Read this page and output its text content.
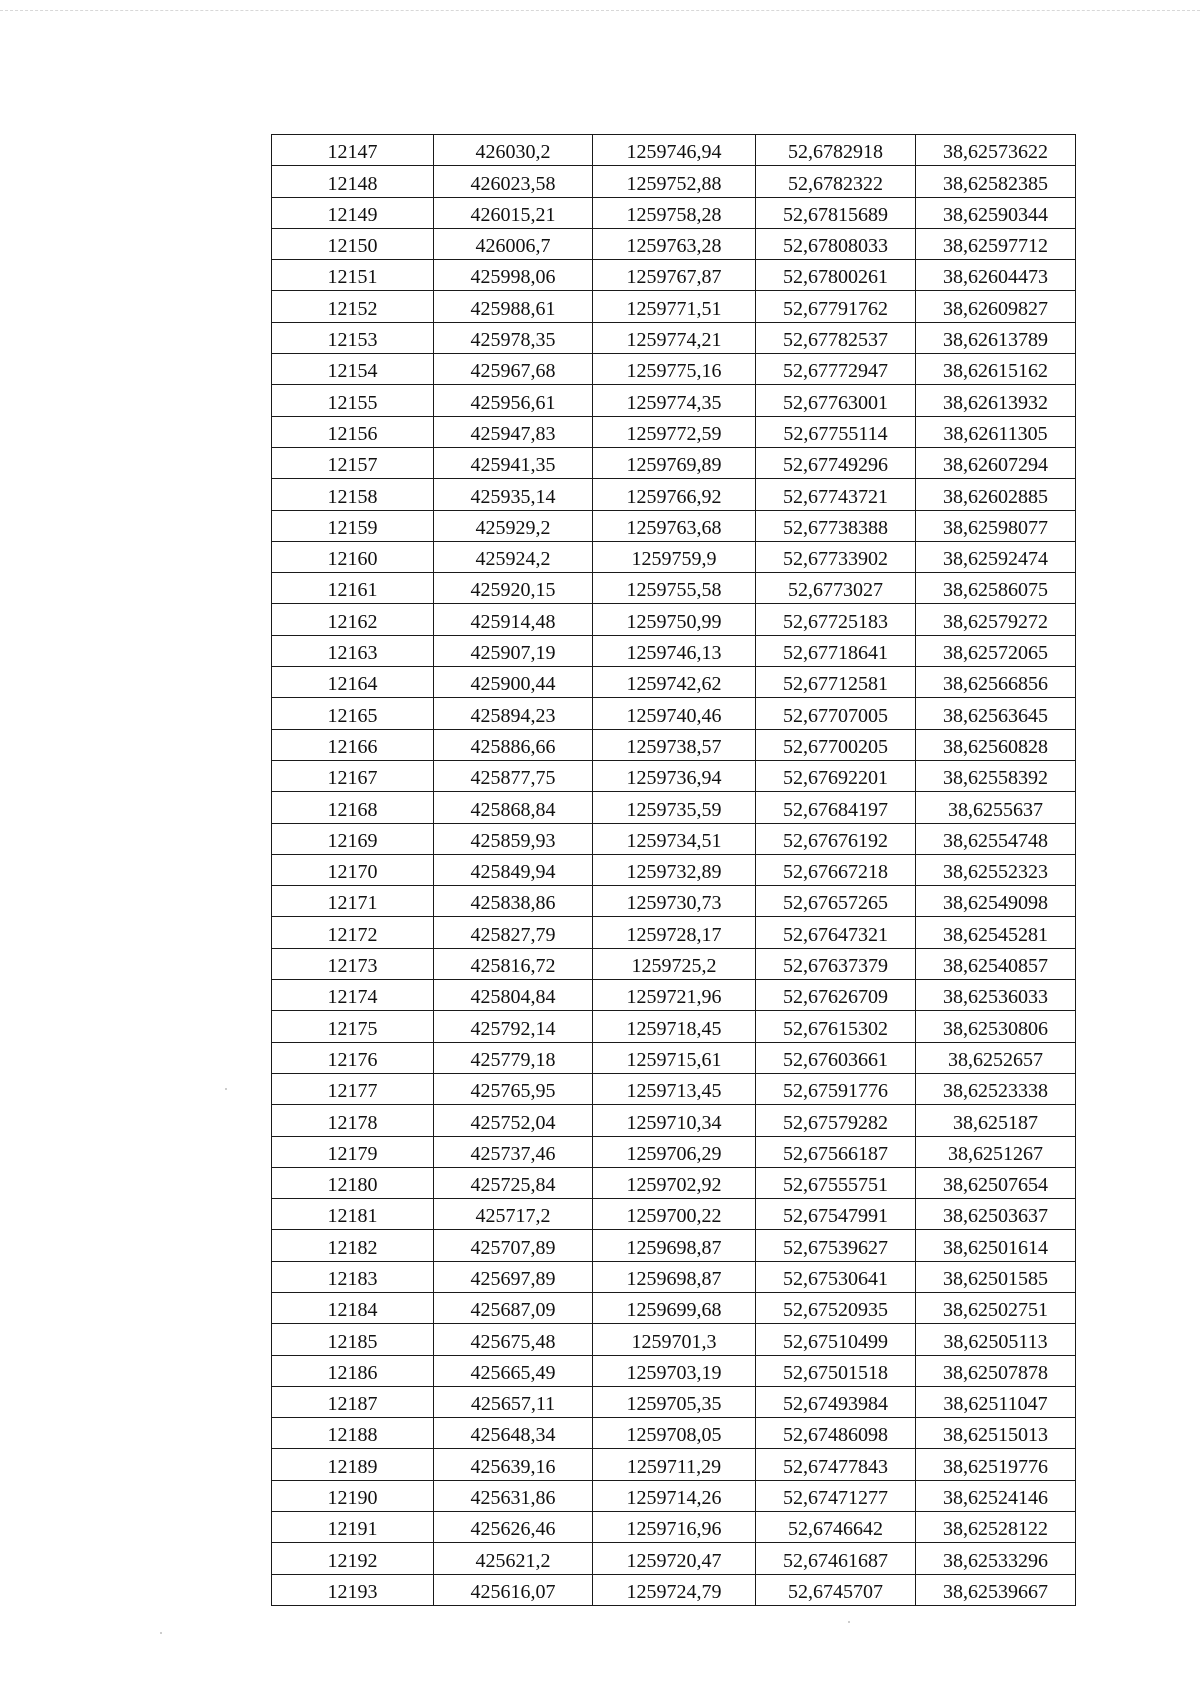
12147	426030,2	1259746,94	52,6782918	38,62573622
12148	426023,58	1259752,88	52,6782322	38,62582385
12149	426015,21	1259758,28	52,67815689	38,62590344
12150	426006,7	1259763,28	52,67808033	38,62597712
12151	425998,06	1259767,87	52,67800261	38,62604473
12152	425988,61	1259771,51	52,67791762	38,62609827
12153	425978,35	1259774,21	52,67782537	38,62613789
12154	425967,68	1259775,16	52,67772947	38,62615162
12155	425956,61	1259774,35	52,67763001	38,62613932
12156	425947,83	1259772,59	52,67755114	38,62611305
12157	425941,35	1259769,89	52,67749296	38,62607294
12158	425935,14	1259766,92	52,67743721	38,62602885
12159	425929,2	1259763,68	52,67738388	38,62598077
12160	425924,2	1259759,9	52,67733902	38,62592474
12161	425920,15	1259755,58	52,6773027	38,62586075
12162	425914,48	1259750,99	52,67725183	38,62579272
12163	425907,19	1259746,13	52,67718641	38,62572065
12164	425900,44	1259742,62	52,67712581	38,62566856
12165	425894,23	1259740,46	52,67707005	38,62563645
12166	425886,66	1259738,57	52,67700205	38,62560828
12167	425877,75	1259736,94	52,67692201	38,62558392
12168	425868,84	1259735,59	52,67684197	38,6255637
12169	425859,93	1259734,51	52,67676192	38,62554748
12170	425849,94	1259732,89	52,67667218	38,62552323
12171	425838,86	1259730,73	52,67657265	38,62549098
12172	425827,79	1259728,17	52,67647321	38,62545281
12173	425816,72	1259725,2	52,67637379	38,62540857
12174	425804,84	1259721,96	52,67626709	38,62536033
12175	425792,14	1259718,45	52,67615302	38,62530806
12176	425779,18	1259715,61	52,67603661	38,6252657
12177	425765,95	1259713,45	52,67591776	38,62523338
12178	425752,04	1259710,34	52,67579282	38,625187
12179	425737,46	1259706,29	52,67566187	38,6251267
12180	425725,84	1259702,92	52,67555751	38,62507654
12181	425717,2	1259700,22	52,67547991	38,62503637
12182	425707,89	1259698,87	52,67539627	38,62501614
12183	425697,89	1259698,87	52,67530641	38,62501585
12184	425687,09	1259699,68	52,67520935	38,62502751
12185	425675,48	1259701,3	52,67510499	38,62505113
12186	425665,49	1259703,19	52,67501518	38,62507878
12187	425657,11	1259705,35	52,67493984	38,62511047
12188	425648,34	1259708,05	52,67486098	38,62515013
12189	425639,16	1259711,29	52,67477843	38,62519776
12190	425631,86	1259714,26	52,67471277	38,62524146
12191	425626,46	1259716,96	52,6746642	38,62528122
12192	425621,2	1259720,47	52,67461687	38,62533296
12193	425616,07	1259724,79	52,6745707	38,62539667
